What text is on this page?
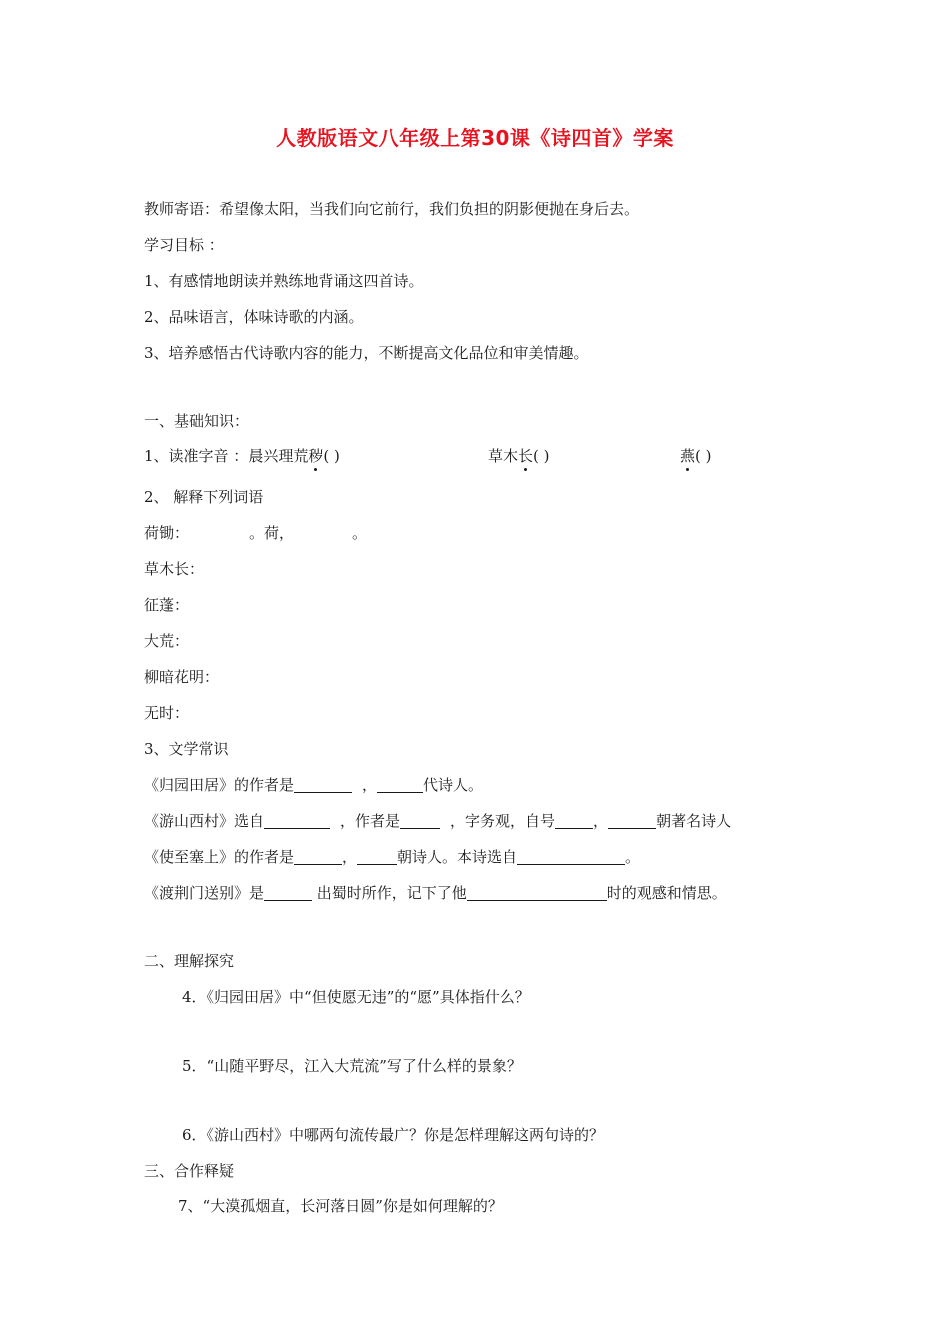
人教版语文八年级上第30课《诗四首》学案
教师寄语：希望像太阳，当我们向它前行，我们负担的阴影便抛在身后去。
学习目标 ：
1、有感情地朗读并熟练地背诵这四首诗。
2、品味语言，体味诗歌的内涵。
3、培养感悟古代诗歌内容的能力，不断提高文化品位和审美情趣。
一、基础知识：
1、读准字音 ：晨兴理荒秽( )	草木长( )	燕( )
2、 解释下列词语
荷锄：	。荷，	。
草木长：
征蓬：
大荒：
柳暗花明：
无时：
3、文学常识
《归园田居》的作者是	，	代诗人。
《游山西村》选自	，作者是	，字务观，自号	，	朝著名诗人
《使至塞上》的作者是	，	朝诗人。本诗选自	。
《渡荆门送别》是	出蜀时所作，记下了他	时的观感和情思。
二、理解探究
4．《归园田居》中“但使愿无违”的“愿”具体指什么？
5．“山随平野尽，江入大荒流”写了什么样的景象？
6．《游山西村》中哪两句流传最广？你是怎样理解这两句诗的？
三、合作释疑
7、“大漠孤烟直，长河落日圆”你是如何理解的？
